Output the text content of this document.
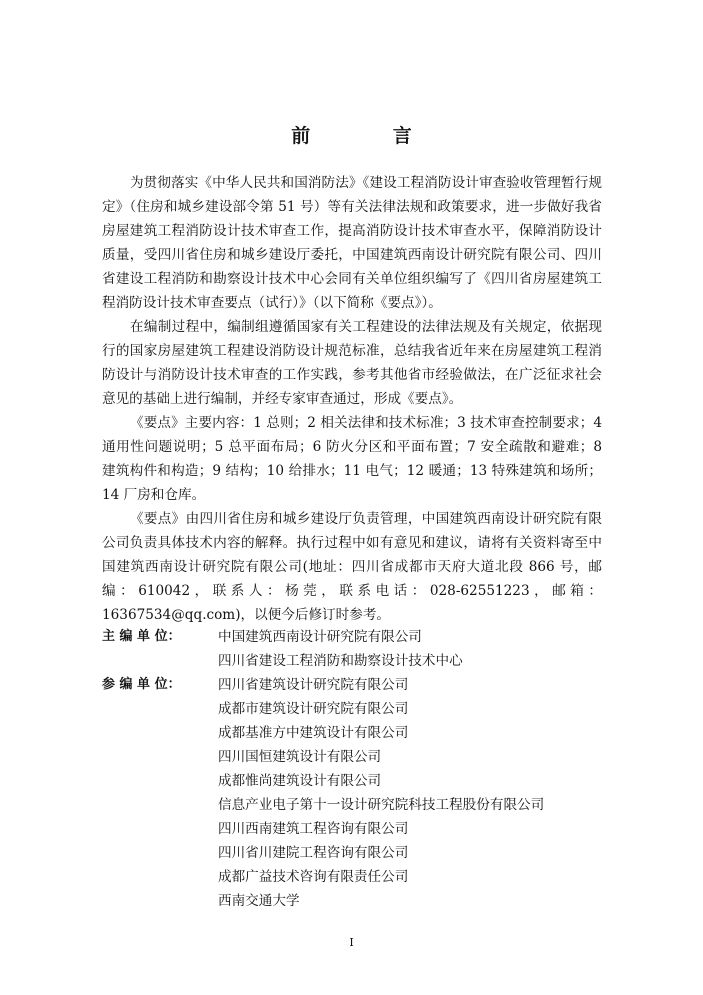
前 言

为贯彻落实《中华人民共和国消防法》《建设工程消防设计审查验收管理暂行规定》（住房和城乡建设部令第 51 号）等有关法律法规和政策要求，进一步做好我省房屋建筑工程消防设计技术审查工作，提高消防设计技术审查水平，保障消防设计质量，受四川省住房和城乡建设厅委托，中国建筑西南设计研究院有限公司、四川省建设工程消防和勘察设计技术中心会同有关单位组织编写了《四川省房屋建筑工程消防设计技术审查要点（试行）》（以下简称《要点》）。

在编制过程中，编制组遵循国家有关工程建设的法律法规及有关规定，依据现行的国家房屋建筑工程建设消防设计规范标准，总结我省近年来在房屋建筑工程消防设计与消防设计技术审查的工作实践，参考其他省市经验做法，在广泛征求社会意见的基础上进行编制，并经专家审查通过，形成《要点》。

《要点》主要内容：1 总则；2 相关法律和技术标准；3 技术审查控制要求；4 通用性问题说明；5 总平面布局；6 防火分区和平面布置；7 安全疏散和避难；8 建筑构件和构造；9 结构；10 给排水；11 电气；12 暖通；13 特殊建筑和场所；14 厂房和仓库。

《要点》由四川省住房和城乡建设厅负责管理，中国建筑西南设计研究院有限公司负责具体技术内容的解释。执行过程中如有意见和建议，请将有关资料寄至中国建筑西南设计研究院有限公司(地址：四川省成都市天府大道北段 866 号，邮编：610042，联系人：杨莞，联系电话：028-62551223，邮箱：16367534@qq.com)，以便今后修订时参考。

主 编 单 位：	中国建筑西南设计研究院有限公司
四川省建设工程消防和勘察设计技术中心
参 编 单 位：	四川省建筑设计研究院有限公司
成都市建筑设计研究院有限公司
成都基准方中建筑设计有限公司
四川国恒建筑设计有限公司
成都惟尚建筑设计有限公司
信息产业电子第十一设计研究院科技工程股份有限公司
四川西南建筑工程咨询有限公司
四川省川建院工程咨询有限公司
成都广益技术咨询有限责任公司
西南交通大学
I
